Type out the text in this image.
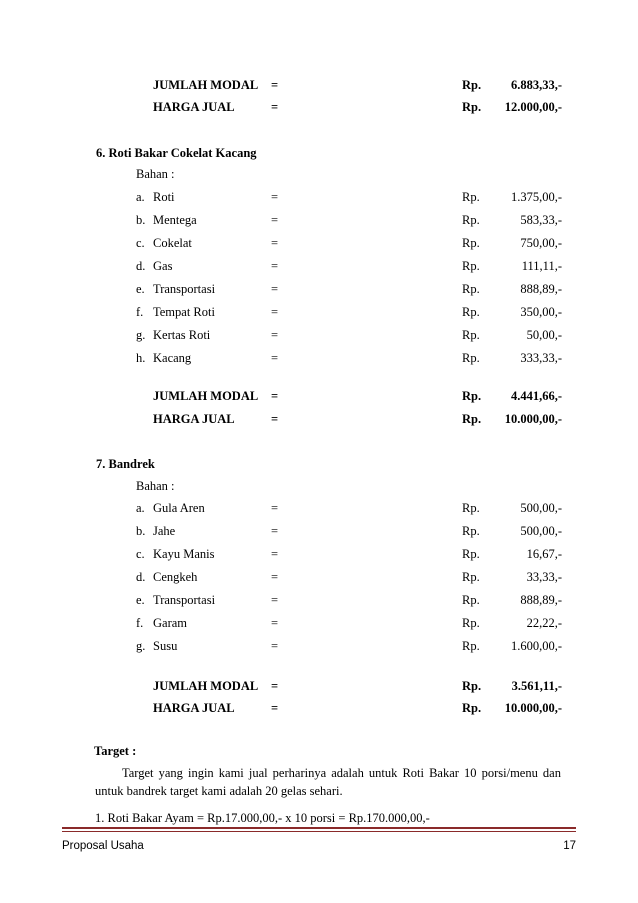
JUMLAH MODAL =	Rp. 6.883,33,-
HARGA JUAL	=	Rp. 12.000,00,-
6. Roti Bakar Cokelat Kacang
Bahan :
a. Roti	=	Rp. 1.375,00,-
b. Mentega	=	Rp.	583,33,-
c. Cokelat	=	Rp.	750,00,-
d. Gas	=	Rp.	111,11,-
e. Transportasi	=	Rp.	888,89,-
f. Tempat Roti	=	Rp.	350,00,-
g. Kertas Roti	=	Rp.	50,00,-
h. Kacang	=	Rp.	333,33,-
JUMLAH MODAL =	Rp. 4.441,66,-
HARGA JUAL	=	Rp. 10.000,00,-
7. Bandrek
Bahan :
a. Gula Aren	=	Rp.	500,00,-
b. Jahe	=	Rp.	500,00,-
c. Kayu Manis	=	Rp.	16,67,-
d. Cengkeh	=	Rp.	33,33,-
e. Transportasi	=	Rp.	888,89,-
f. Garam	=	Rp.	22,22,-
g. Susu	=	Rp. 1.600,00,-
JUMLAH MODAL =	Rp. 3.561,11,-
HARGA JUAL	=	Rp. 10.000,00,-
Target :
Target yang ingin kami jual perharinya adalah untuk Roti Bakar 10 porsi/menu dan untuk bandrek target kami adalah 20 gelas sehari.
1. Roti Bakar Ayam = Rp.17.000,00,- x 10 porsi = Rp.170.000,00,-
Proposal Usaha	17
